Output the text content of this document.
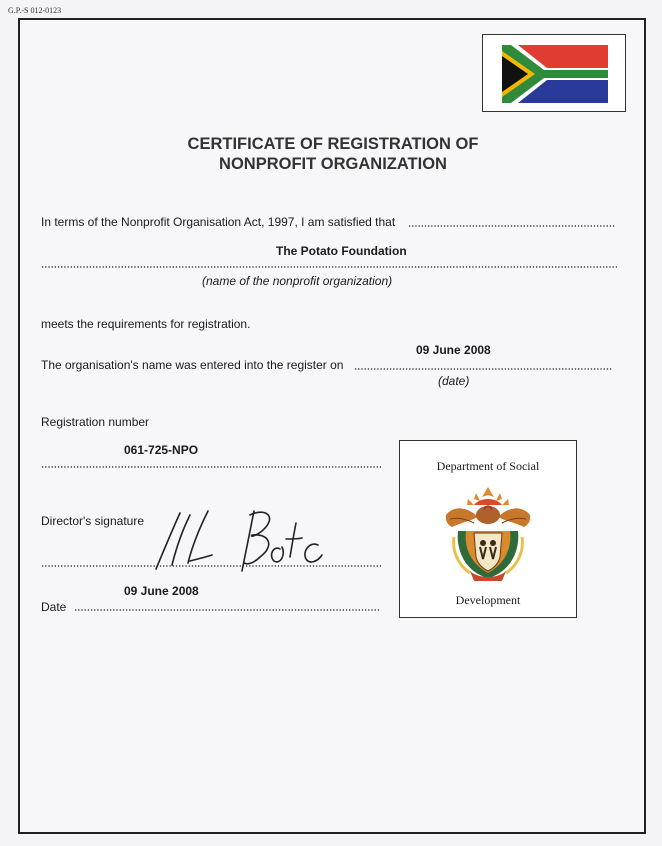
G.P.-S 012-0123
CERTIFICATE OF REGISTRATION OF
NONPROFIT ORGANIZATION
In terms of the Nonprofit Organisation Act, 1997, I am satisfied that
The Potato Foundation
(name of the nonprofit organization)
meets the requirements for registration.
09 June 2008
The organisation's name was entered into the register on
(date)
Registration number
061-725-NPO
Director's signature
09 June 2008
Date
Department of Social
Development
